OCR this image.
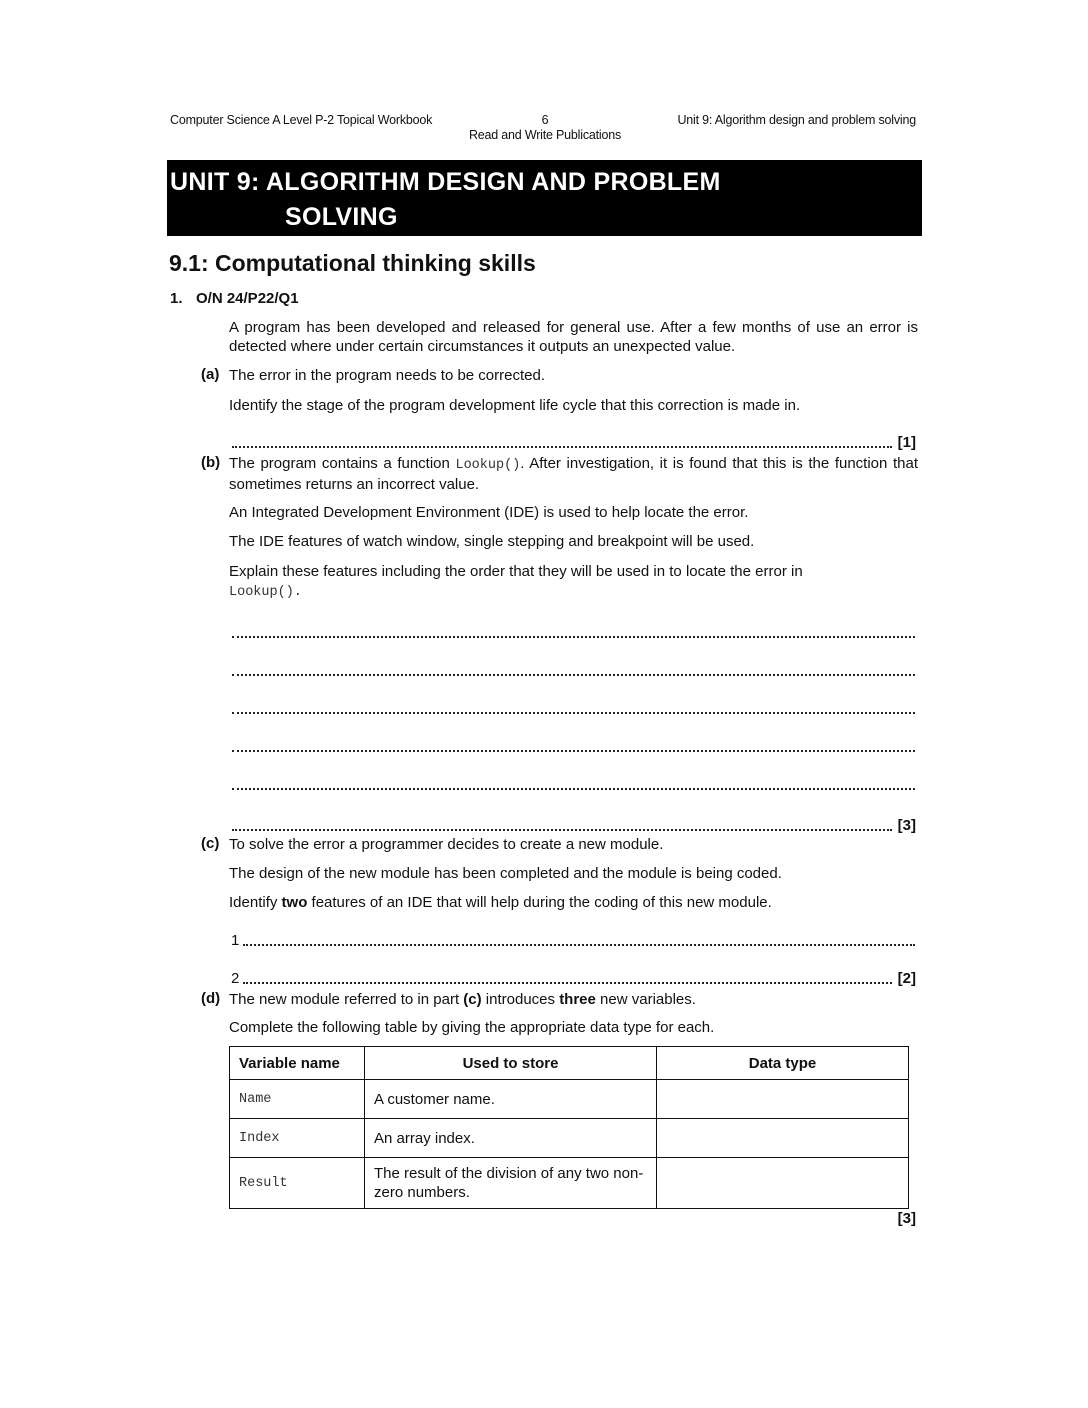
Computer Science A Level P-2 Topical Workbook	6
Read and Write Publications
Unit 9: Algorithm design and problem solving
UNIT 9: ALGORITHM DESIGN AND PROBLEM
SOLVING
9.1: Computational thinking skills
1. O/N 24/P22/Q1
A program has been developed and released for general use. After a few months of use an error is detected where under certain circumstances it outputs an unexpected value.
(a) The error in the program needs to be corrected.
Identify the stage of the program development life cycle that this correction is made in.
[1]
(b) The program contains a function Lookup(). After investigation, it is found that this is the function that sometimes returns an incorrect value.
An Integrated Development Environment (IDE) is used to help locate the error.
The IDE features of watch window, single stepping and breakpoint will be used.
Explain these features including the order that they will be used in to locate the error in
Lookup().
[3]
(c) To solve the error a programmer decides to create a new module.
The design of the new module has been completed and the module is being coded.
Identify two features of an IDE that will help during the coding of this new module.
1
2	[2]
(d) The new module referred to in part (c) introduces three new variables.
Complete the following table by giving the appropriate data type for each.
Variable name	Used to store	Data type
Name	A customer name.	
Index	An array index.	
Result	The result of the division of any two non-zero numbers.	
[3]
